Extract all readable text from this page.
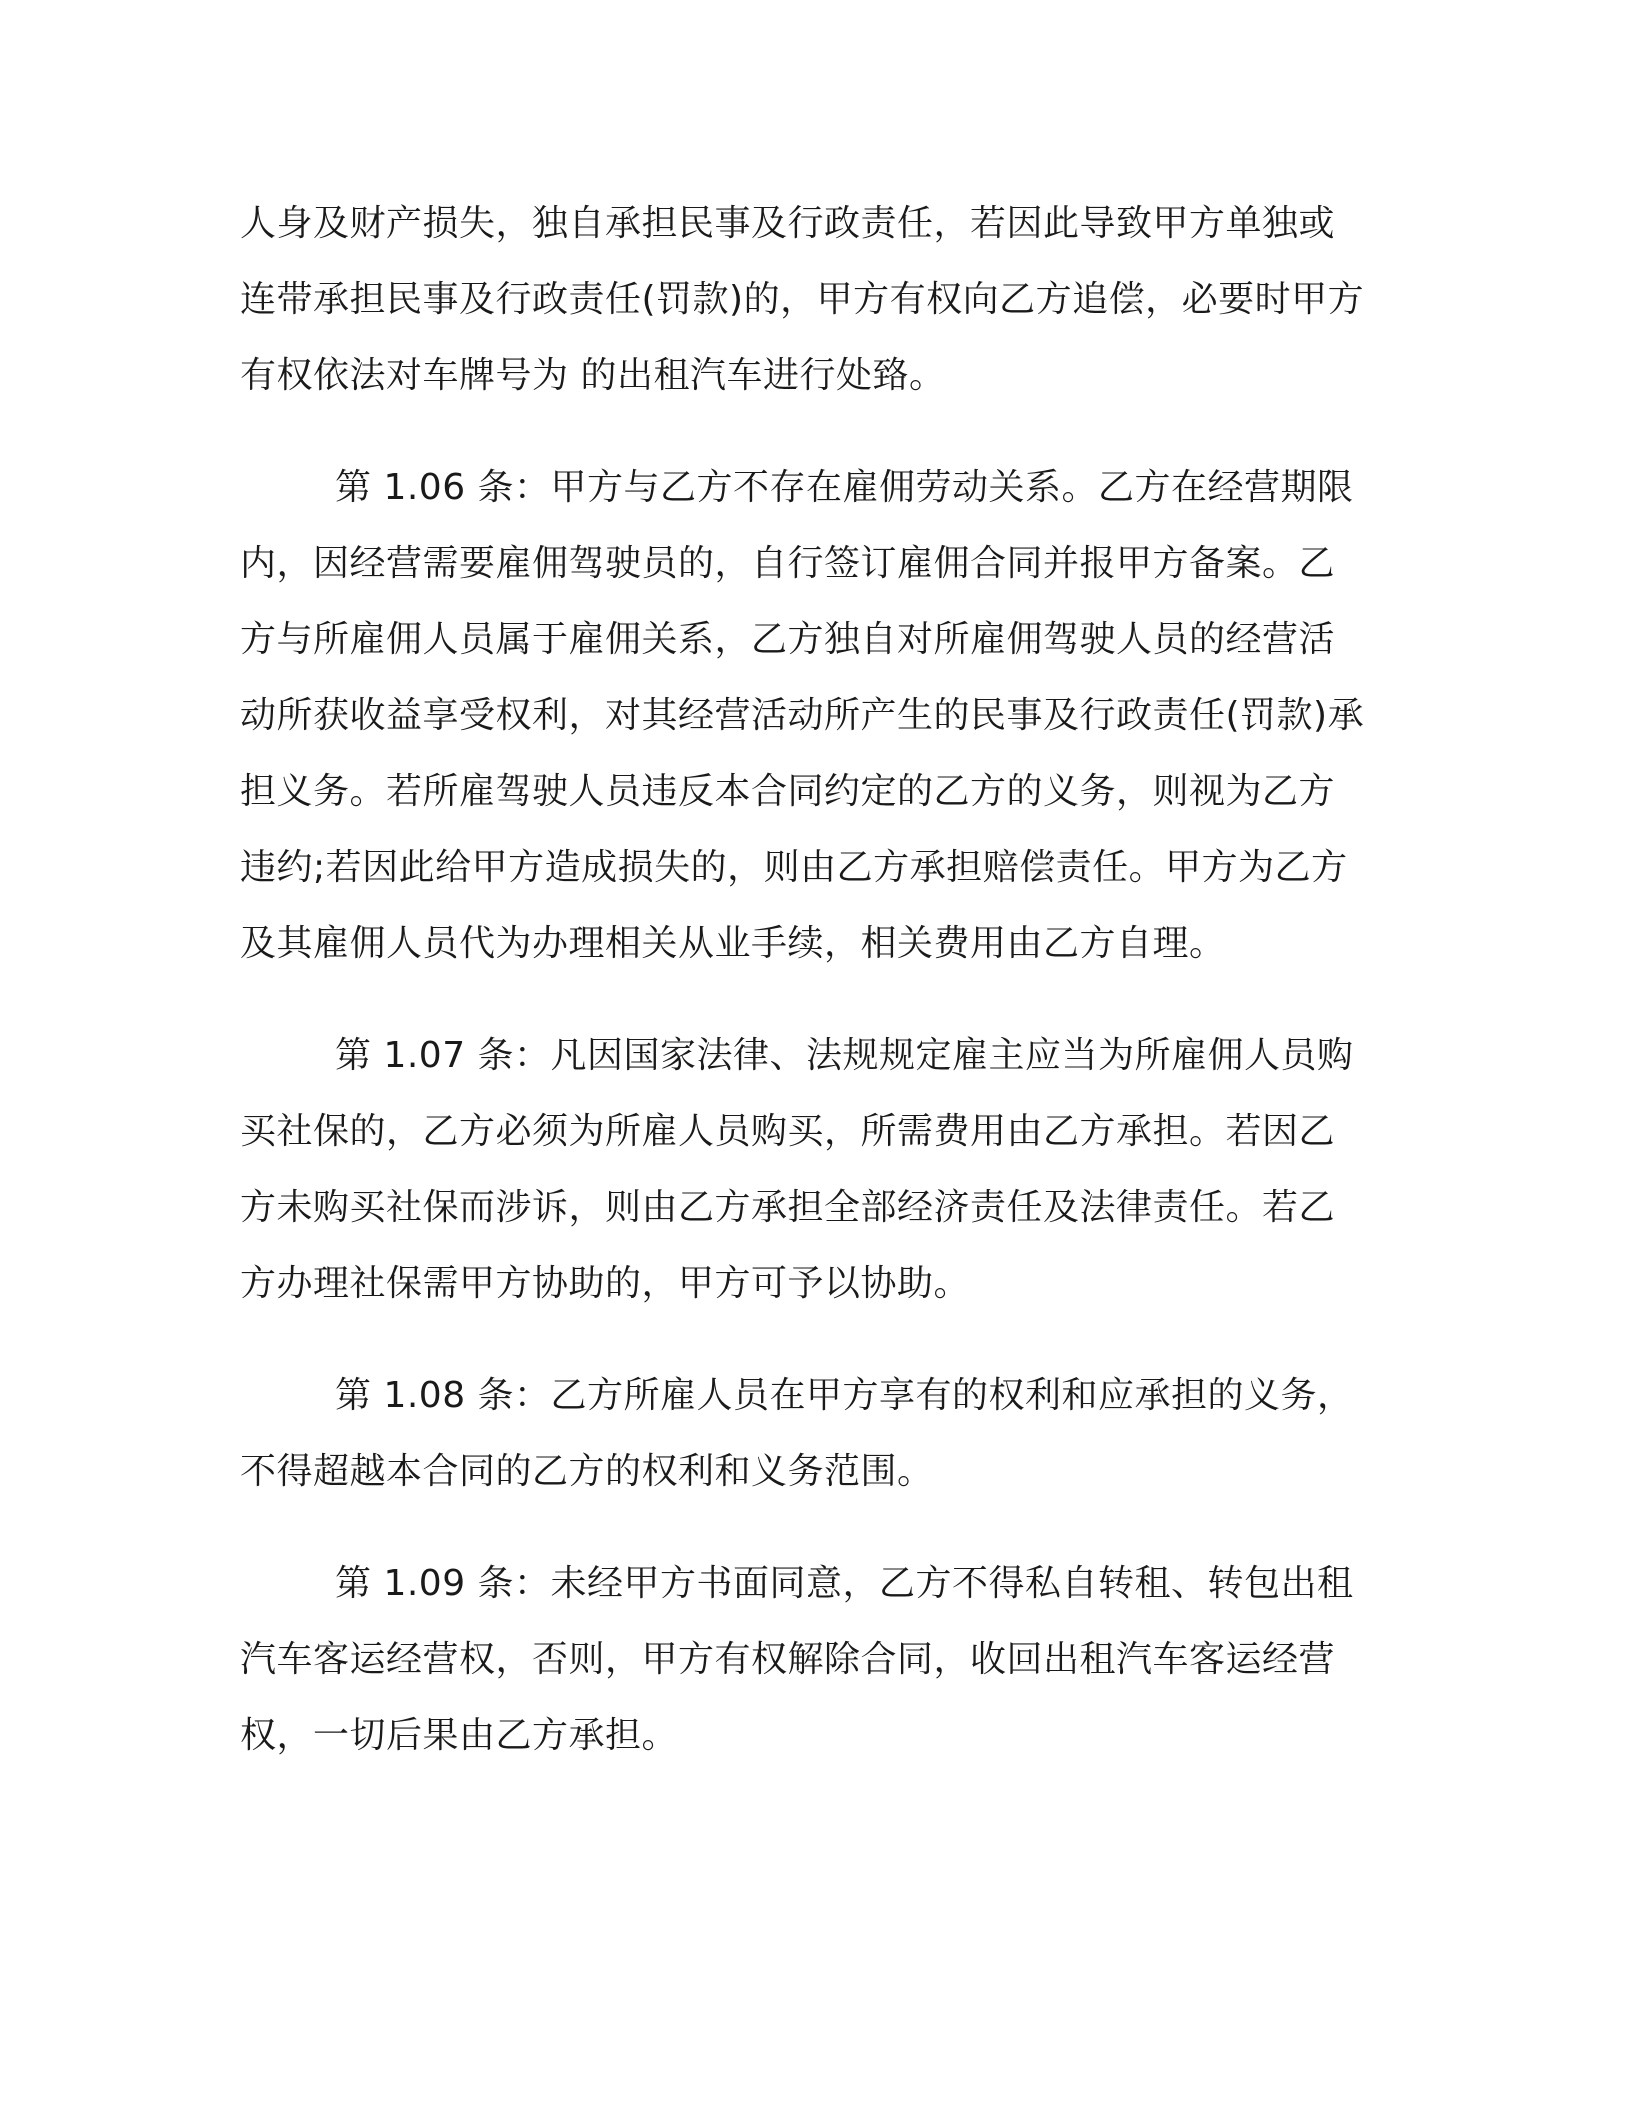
人身及财产损失，独自承担民事及行政责任，若因此导致甲方单独或
连带承担民事及行政责任(罚款)的，甲方有权向乙方追偿，必要时甲方
有权依法对车牌号为 的出租汽车进行处臵。
第 1.06 条：甲方与乙方不存在雇佣劳动关系。乙方在经营期限
内，因经营需要雇佣驾驶员的，自行签订雇佣合同并报甲方备案。乙
方与所雇佣人员属于雇佣关系，乙方独自对所雇佣驾驶人员的经营活
动所获收益享受权利，对其经营活动所产生的民事及行政责任(罚款)承
担义务。若所雇驾驶人员违反本合同约定的乙方的义务，则视为乙方
违约;若因此给甲方造成损失的，则由乙方承担赔偿责任。甲方为乙方
及其雇佣人员代为办理相关从业手续，相关费用由乙方自理。
第 1.07 条：凡因国家法律、法规规定雇主应当为所雇佣人员购
买社保的，乙方必须为所雇人员购买，所需费用由乙方承担。若因乙
方未购买社保而涉诉，则由乙方承担全部经济责任及法律责任。若乙
方办理社保需甲方协助的，甲方可予以协助。
第 1.08 条：乙方所雇人员在甲方享有的权利和应承担的义务，
不得超越本合同的乙方的权利和义务范围。
第 1.09 条：未经甲方书面同意，乙方不得私自转租、转包出租
汽车客运经营权，否则，甲方有权解除合同，收回出租汽车客运经营
权，一切后果由乙方承担。
